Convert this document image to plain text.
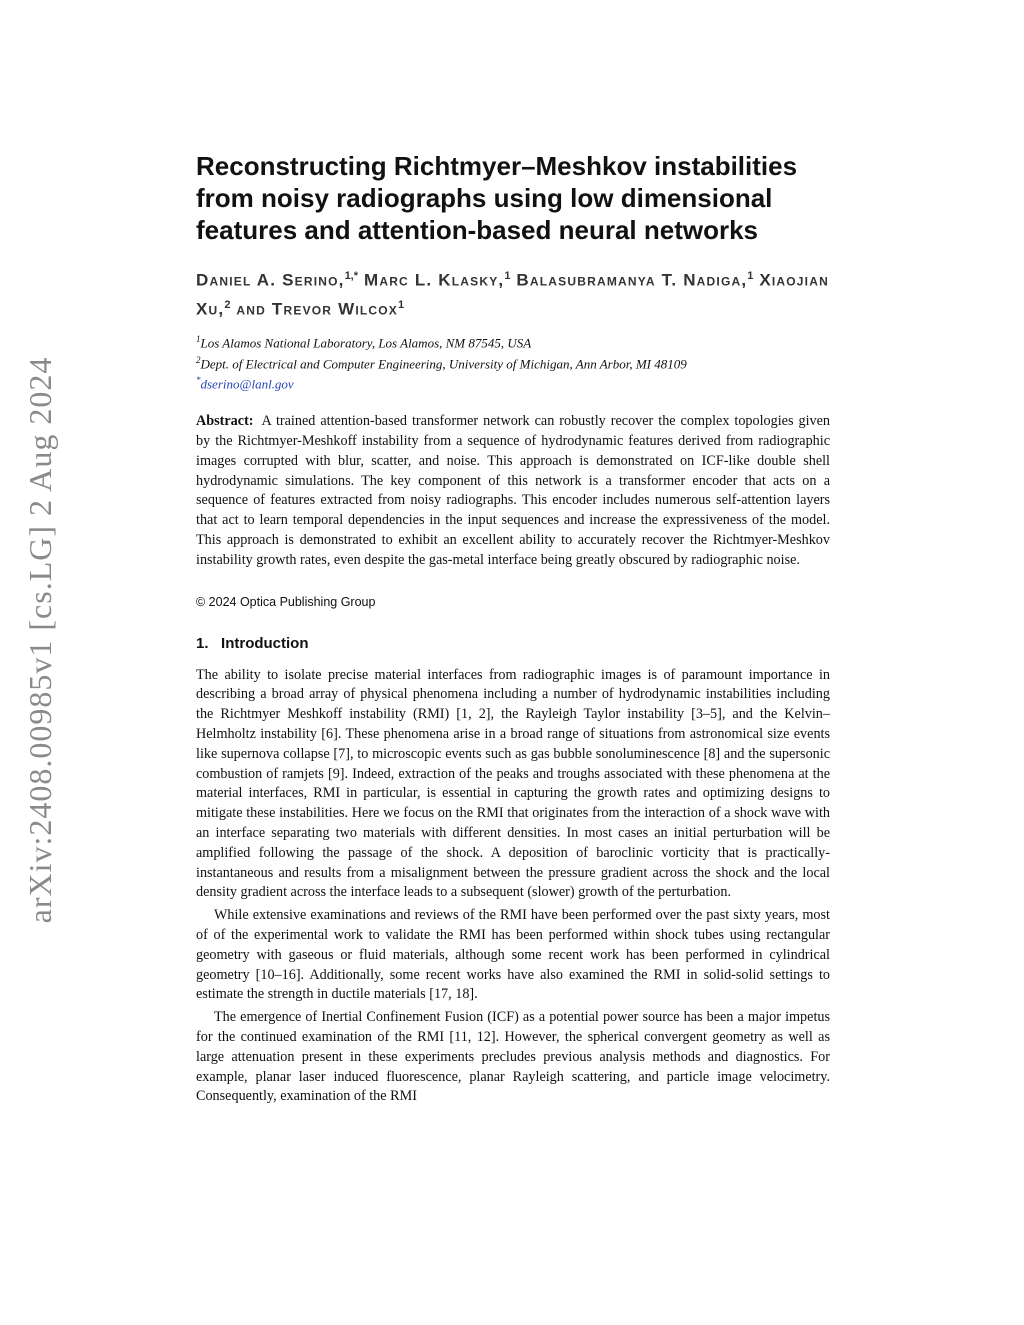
arXiv:2408.00985v1 [cs.LG] 2 Aug 2024
Reconstructing Richtmyer–Meshkov instabilities from noisy radiographs using low dimensional features and attention-based neural networks
Daniel A. Serino,$^{1,*}$ Marc L. Klasky,$^1$ Balasubramanya T. Nadiga,$^1$ Xiaojian Xu,$^2$ and Trevor Wilcox$^1$
$^1$Los Alamos National Laboratory, Los Alamos, NM 87545, USA
$^2$Dept. of Electrical and Computer Engineering, University of Michigan, Ann Arbor, MI 48109
*dserino@lanl.gov
Abstract: A trained attention-based transformer network can robustly recover the complex topologies given by the Richtmyer-Meshkoff instability from a sequence of hydrodynamic features derived from radiographic images corrupted with blur, scatter, and noise. This approach is demonstrated on ICF-like double shell hydrodynamic simulations. The key component of this network is a transformer encoder that acts on a sequence of features extracted from noisy radiographs. This encoder includes numerous self-attention layers that act to learn temporal dependencies in the input sequences and increase the expressiveness of the model. This approach is demonstrated to exhibit an excellent ability to accurately recover the Richtmyer-Meshkov instability growth rates, even despite the gas-metal interface being greatly obscured by radiographic noise.
© 2024 Optica Publishing Group
1. Introduction

The ability to isolate precise material interfaces from radiographic images is of paramount importance in describing a broad array of physical phenomena including a number of hydrodynamic instabilities including the Richtmyer Meshkoff instability (RMI) [1, 2], the Rayleigh Taylor instability [3–5], and the Kelvin–Helmholtz instability [6]. These phenomena arise in a broad range of situations from astronomical size events like supernova collapse [7], to microscopic events such as gas bubble sonoluminescence [8] and the supersonic combustion of ramjets [9]. Indeed, extraction of the peaks and troughs associated with these phenomena at the material interfaces, RMI in particular, is essential in capturing the growth rates and optimizing designs to mitigate these instabilities. Here we focus on the RMI that originates from the interaction of a shock wave with an interface separating two materials with different densities. In most cases an initial perturbation will be amplified following the passage of the shock. A deposition of baroclinic vorticity that is practically-instantaneous and results from a misalignment between the pressure gradient across the shock and the local density gradient across the interface leads to a subsequent (slower) growth of the perturbation.

While extensive examinations and reviews of the RMI have been performed over the past sixty years, most of of the experimental work to validate the RMI has been performed within shock tubes using rectangular geometry with gaseous or fluid materials, although some recent work has been performed in cylindrical geometry [10–16]. Additionally, some recent works have also examined the RMI in solid-solid settings to estimate the strength in ductile materials [17, 18].

The emergence of Inertial Confinement Fusion (ICF) as a potential power source has been a major impetus for the continued examination of the RMI [11, 12]. However, the spherical convergent geometry as well as large attenuation present in these experiments precludes previous analysis methods and diagnostics. For example, planar laser induced fluorescence, planar Rayleigh scattering, and particle image velocimetry. Consequently, examination of the RMI
